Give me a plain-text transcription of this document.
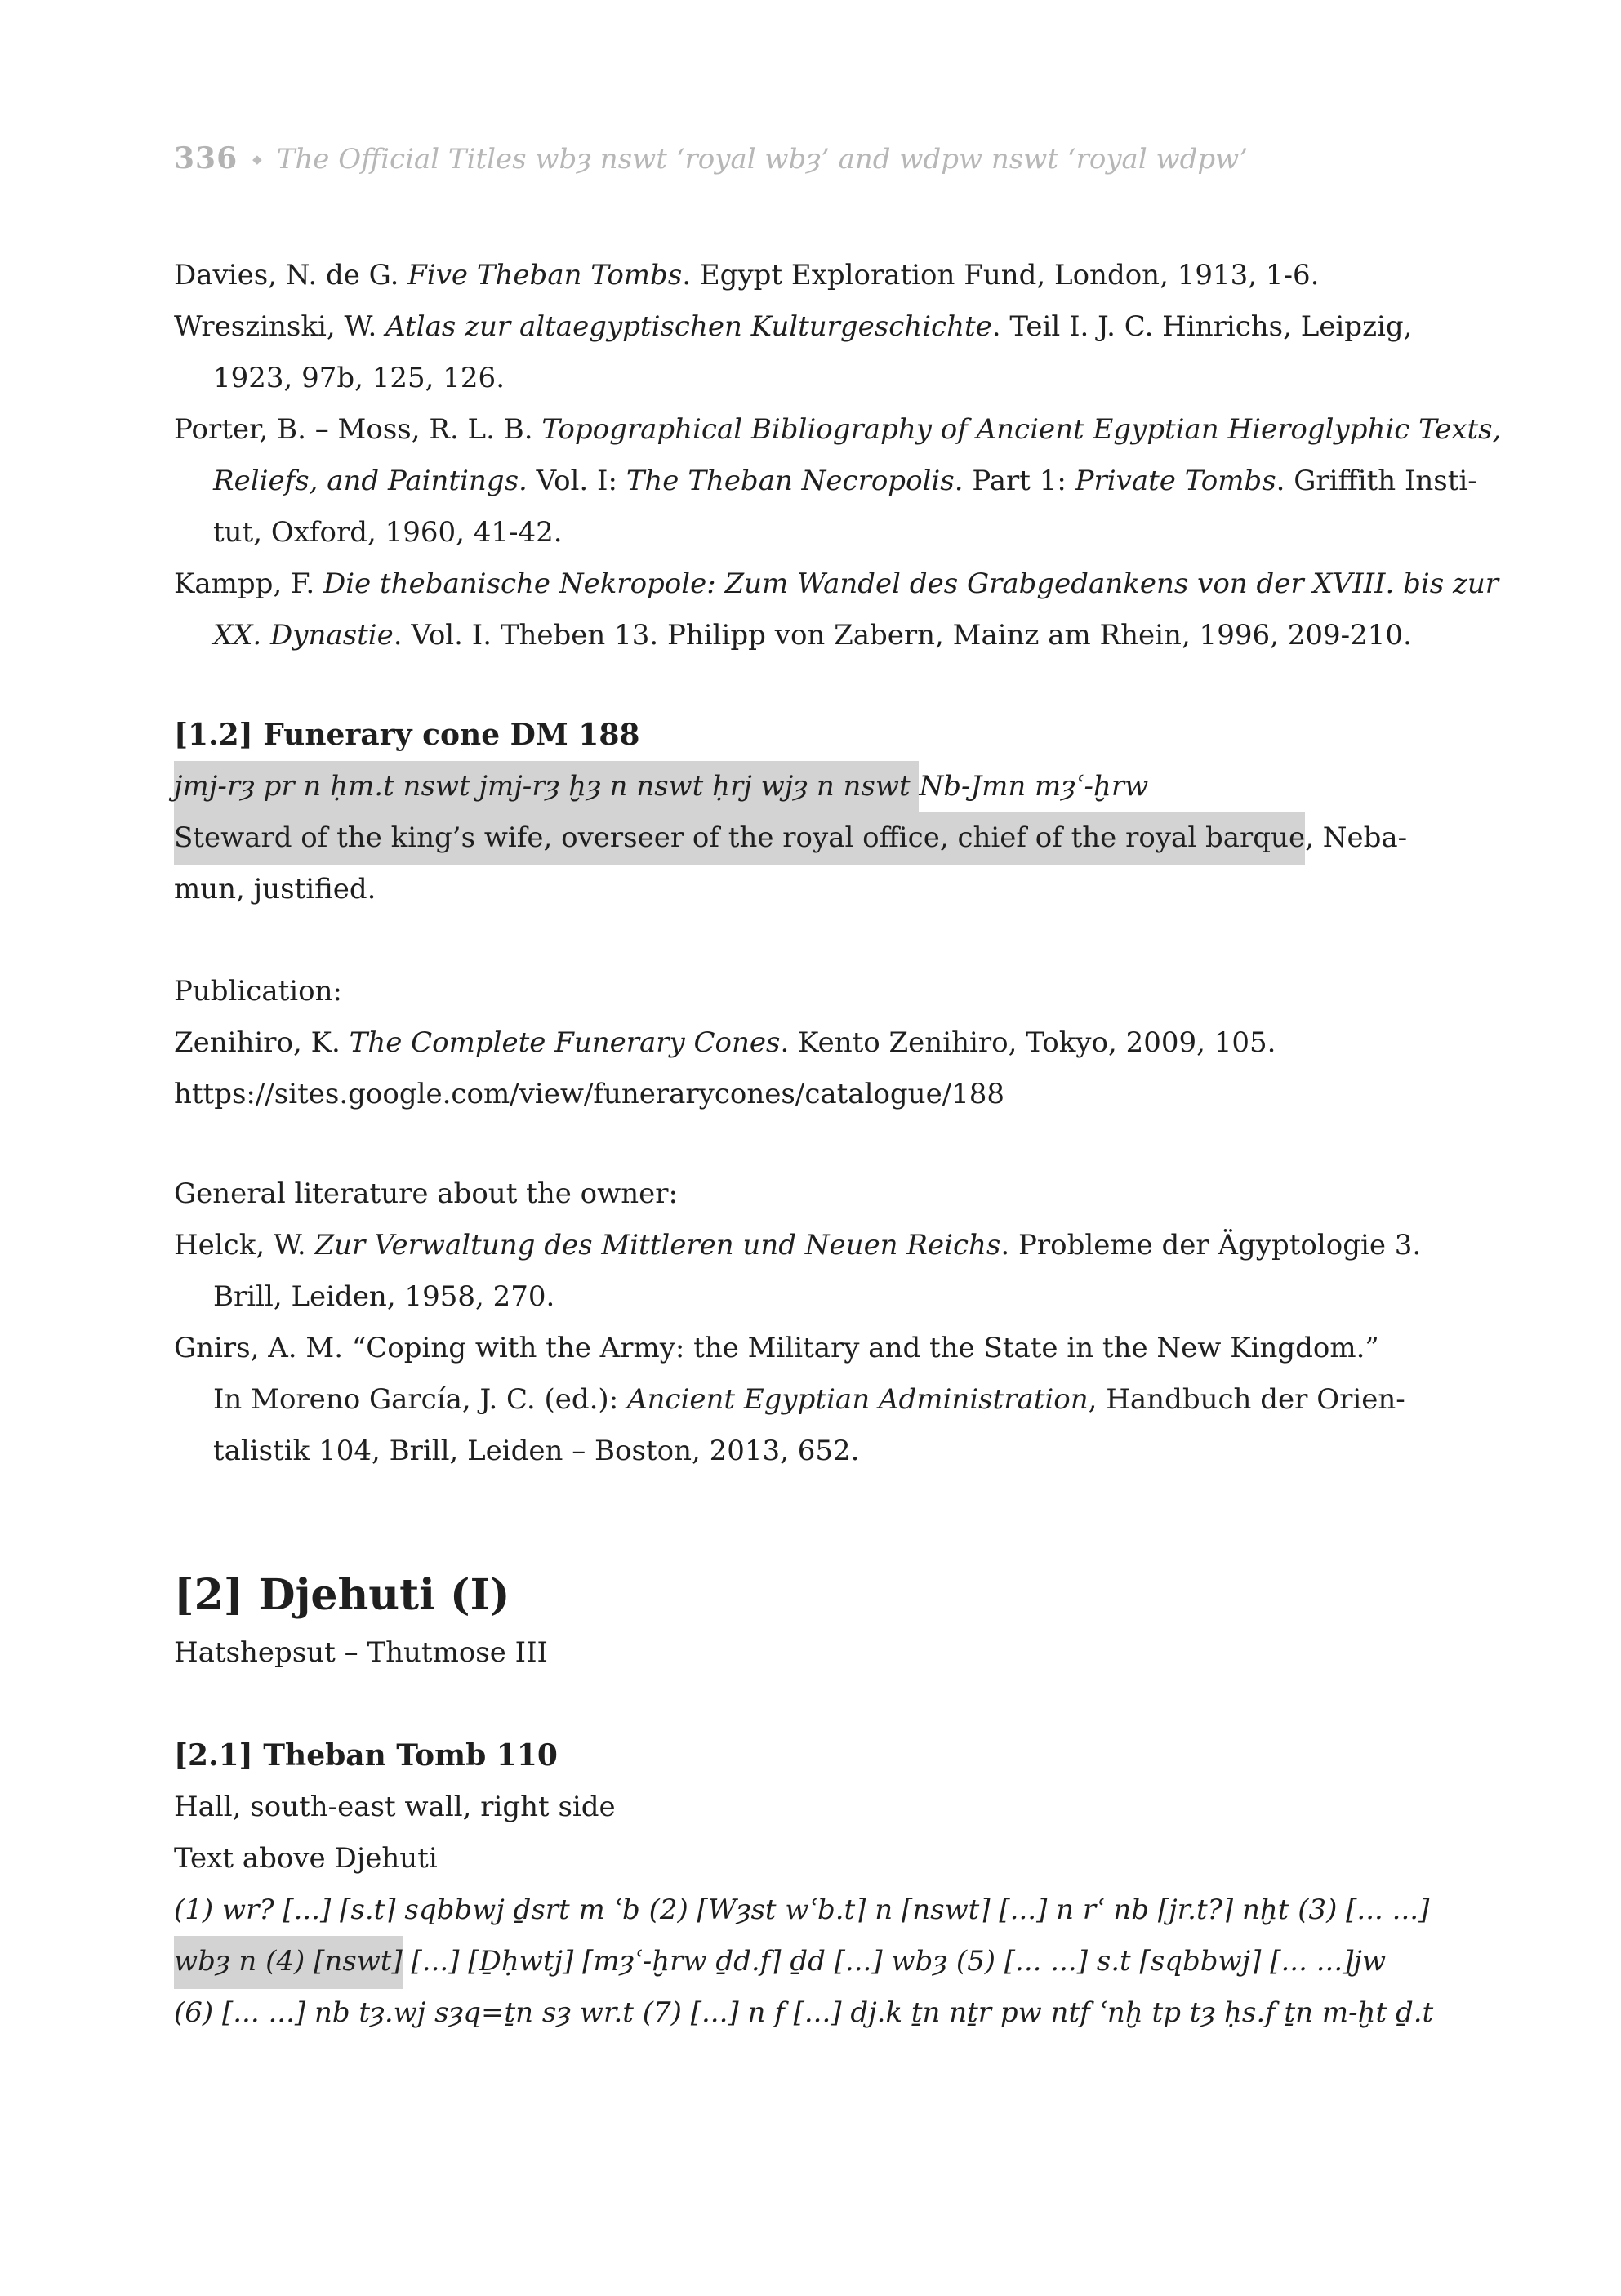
336 ◆ The Official Titles wbȝ nswt ‘royal wbȝ’ and wdpw nswt ‘royal wdpw’
Davies, N. de G. Five Theban Tombs. Egypt Exploration Fund, London, 1913, 1-6.
Wreszinski, W. Atlas zur altaegyptischen Kulturgeschichte. Teil I. J. C. Hinrichs, Leipzig,
1923, 97b, 125, 126.
Porter, B. – Moss, R. L. B. Topographical Bibliography of Ancient Egyptian Hieroglyphic Texts,
Reliefs, and Paintings. Vol. I: The Theban Necropolis. Part 1: Private Tombs. Griffith Insti-
tut, Oxford, 1960, 41-42.
Kampp, F. Die thebanische Nekropole: Zum Wandel des Grabgedankens von der XVIII. bis zur
XX. Dynastie. Vol. I. Theben 13. Philipp von Zabern, Mainz am Rhein, 1996, 209-210.
[1.2] Funerary cone DM 188
jmj-rȝ pr n ḥm.t nswt jmj-rȝ ḫȝ n nswt ḥrj wjȝ n nswt Nb-Jmn mȝʿ-ḫrw
Steward of the king’s wife, overseer of the royal office, chief of the royal barque, Neba-
mun, justified.
Publication:
Zenihiro, K. The Complete Funerary Cones. Kento Zenihiro, Tokyo, 2009, 105.
https://sites.google.com/view/funerarycones/catalogue/188
General literature about the owner:
Helck, W. Zur Verwaltung des Mittleren und Neuen Reichs. Probleme der Ägyptologie 3.
Brill, Leiden, 1958, 270.
Gnirs, A. M. “Coping with the Army: the Military and the State in the New Kingdom.”
In Moreno García, J. C. (ed.): Ancient Egyptian Administration, Handbuch der Orien-
talistik 104, Brill, Leiden – Boston, 2013, 652.
[2] Djehuti (I)
Hatshepsut – Thutmose III
[2.1] Theban Tomb 110
Hall, south-east wall, right side
Text above Djehuti
(1) wr? [...] ⌈s.t⌉ sqbbwj ḏsrt m ʿb (2) ⌈Wȝst wʿb.t⌉ n ⌈nswt⌉ [...] n rʿ nb ⌈jr.t?⌉ nḫt (3) [... ...]
wbȝ n (4) [nswt] [...] [Ḏḥwtj] ⌈mȝʿ-ḫrw ḏd.f⌉ ḏd [...] wbȝ (5) [... ...] s.t ⌈sqbbwj⌉ [... ...]jw
(6) [... ...] nb tȝ.wj sȝq=ṯn sȝ wr.t (7) [...] n f [...] dj.k ṯn nṯr pw ntf ʿnḫ tp tȝ ḥs.f ṯn m-ḫt ḏ.t
